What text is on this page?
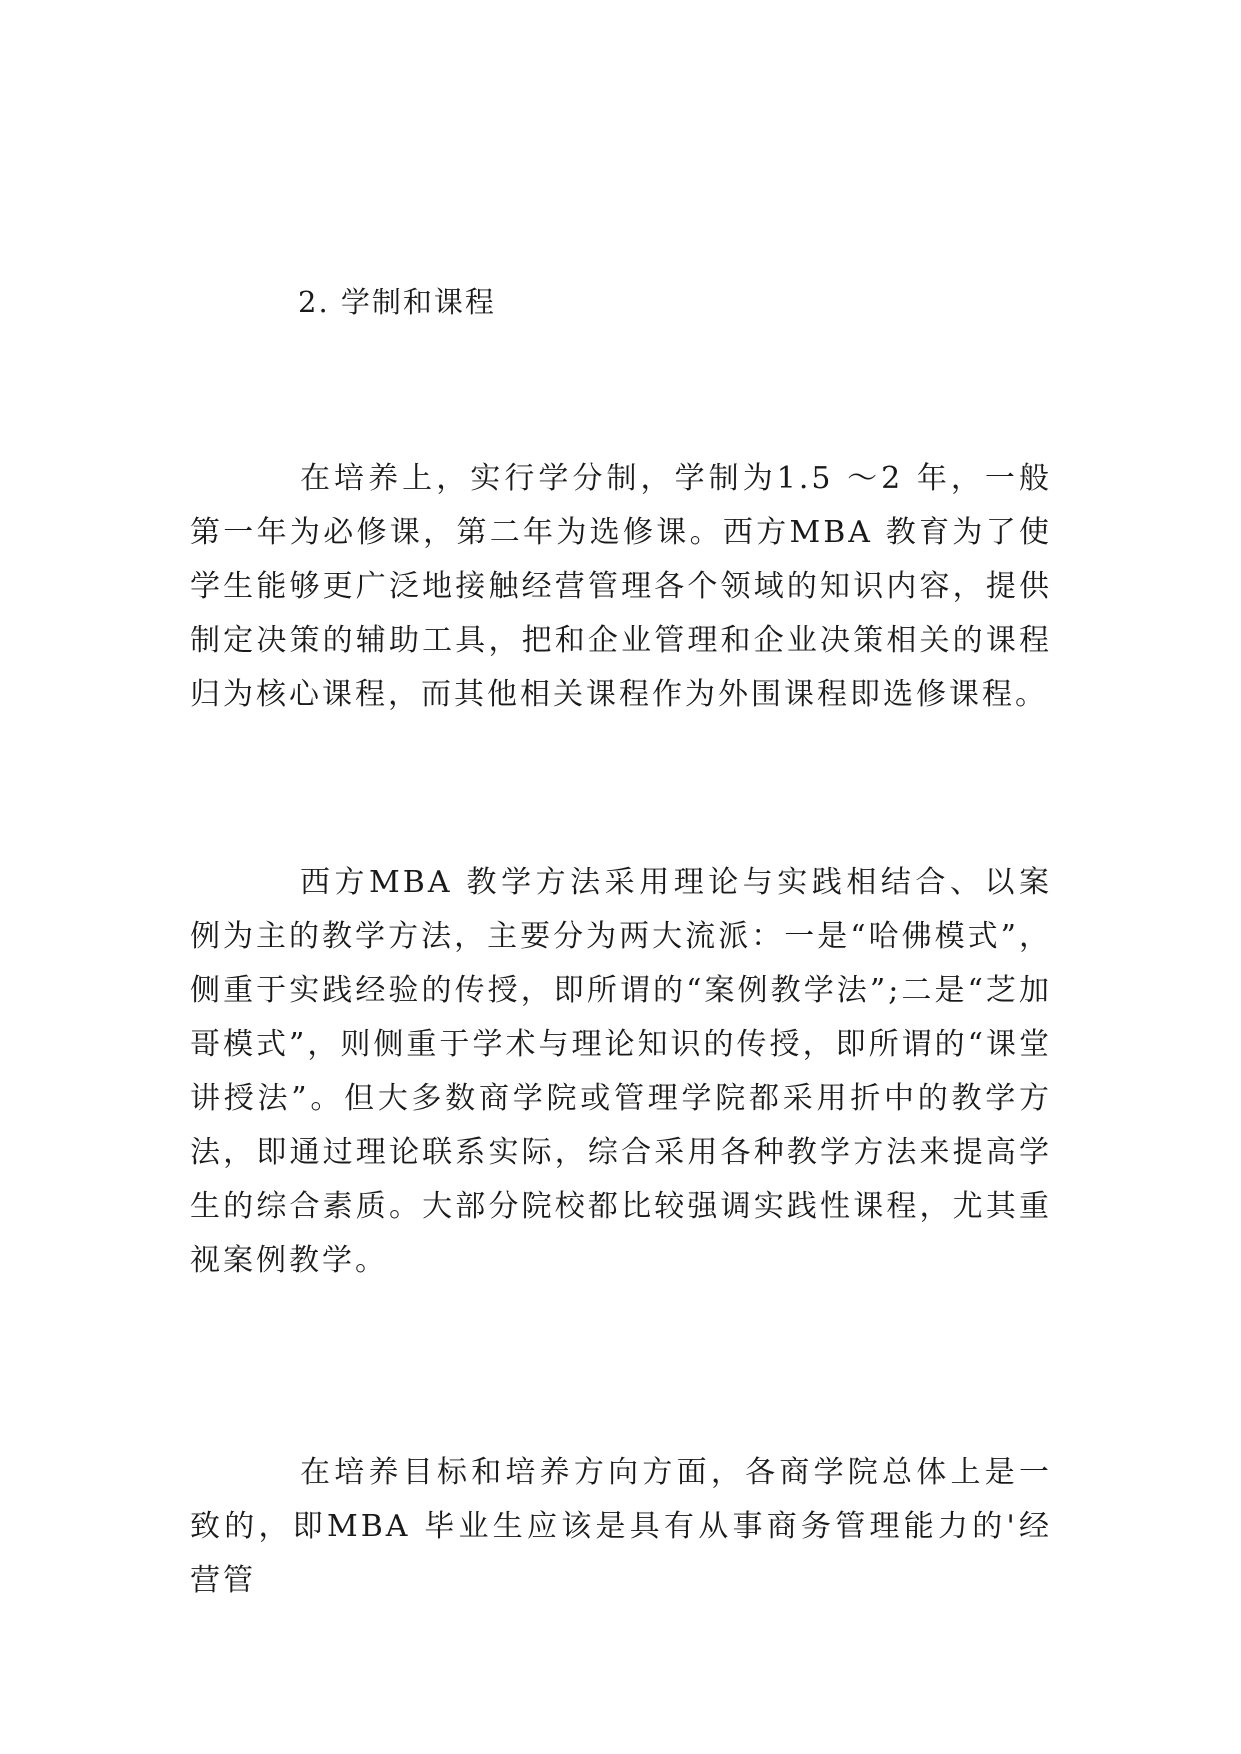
2. 学制和课程

在培养上，实行学分制，学制为1.5 ～2 年，一般第一年为必修课，第二年为选修课。西方MBA 教育为了使学生能够更广泛地接触经营管理各个领域的知识内容，提供制定决策的辅助工具，把和企业管理和企业决策相关的课程归为核心课程，而其他相关课程作为外围课程即选修课程。

西方MBA 教学方法采用理论与实践相结合、以案例为主的教学方法，主要分为两大流派：一是“哈佛模式”，侧重于实践经验的传授，即所谓的“案例教学法”;二是“芝加哥模式”，则侧重于学术与理论知识的传授，即所谓的“课堂讲授法”。但大多数商学院或管理学院都采用折中的教学方法，即通过理论联系实际，综合采用各种教学方法来提高学生的综合素质。大部分院校都比较强调实践性课程，尤其重视案例教学。

在培养目标和培养方向方面，各商学院总体上是一致的，即MBA 毕业生应该是具有从事商务管理能力的'经营管
